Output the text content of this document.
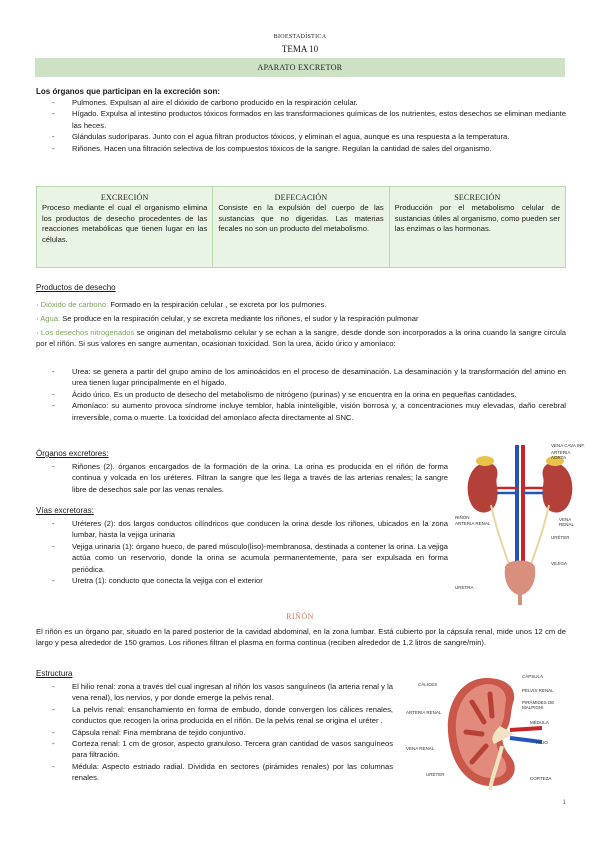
BIOESTADÍSTICA
TEMA 10
APARATO EXCRETOR
Los órganos que participan en la excreción son:
- Pulmones. Expulsan al aire el dióxido de carbono producido en la respiración celular.
- Hígado. Expulsa al intestino productos tóxicos formados en las transformaciones químicas de los nutrientes, estos desechos se eliminan mediante las heces.
- Glándulas sudoríparas. Junto con el agua filtran productos tóxicos, y eliminan el agua, aunque es una respuesta a la temperatura.
- Riñones. Hacen una filtración selectiva de los compuestos tóxicos de la sangre. Regulan la cantidad de sales del organismo.
EXCRECIÓN
Proceso mediante el cual el organismo elimina los productos de desecho procedentes de las reacciones metabólicas que tienen lugar en las células.
DEFECACIÓN
Consiste en la expulsión del cuerpo de las sustancias que no digeridas. Las materias fecales no son un producto del metabolismo.
SECRECIÓN
Producción por el metabolismo celular de sustancias útiles al organismo, como pueden ser las enzimas o las hormonas.
Productos de desecho
· Dióxido de carbono: Formado en la respiración celular , se excreta por los pulmones.
· Agua: Se produce en la respiración celular, y se excreta mediante los riñones, el sudor y la respiración pulmonar
· Los desechos nitrogenados se originan del metabolismo celular y se echan a la sangre, desde donde son incorporados a la orina cuando la sangre circula por el riñón. Si sus valores en sangre aumentan, ocasionan toxicidad. Son la urea, ácido úrico y amoníaco:
- Urea: se genera a partir del grupo amino de los aminoácidos en el proceso de desaminación. La desaminación y la transformación del amino en urea tienen lugar principalmente en el hígado.
- Ácido úrico. Es un producto de desecho del metabolismo de nitrógeno (purinas) y se encuentra en la orina en pequeñas cantidades.
- Amoníaco: su aumento provoca síndrome incluye temblor, habla ininteligible, visión borrosa y, a concentraciones muy elevadas, daño cerebral irreversible, coma o muerte. La toxicidad del amoníaco afecta directamente al SNC.
Órganos excretores:
- Riñones (2). órganos encargados de la formación de la orina. La orina es producida en el riñón de forma continua y volcada en los uréteres. Filtran la sangre que les llega a través de las arterias renales; la sangre libre de desechos sale por las venas renales.
Vías excretoras:
- Uréteres (2): dos largos conductos cilíndricos que conducen la orina desde los riñones, ubicados en la zona lumbar, hasta la vejiga urinaria
- Vejiga urinaria (1): órgano hueco, de pared músculo(liso)-membranosa, destinada a contener la orina. La vejiga actúa como un reservorio, donde la orina se acumula permanentemente, para ser expulsada en forma periódica.
- Uretra (1): conducto que conecta la vejiga con el exterior
VENA CAVA INF.
ARTERIA AORTA
RIÑÓN
ARTERIA RENAL
VENA RENAL
URÉTER
VEJIGA
URETRA
RIÑÓN
El riñón es un órgano par, situado en la pared posterior de la cavidad abdominal, en la zona lumbar. Está cubierto por la cápsula renal, mide unos 12 cm de largo y pesa alrededor de 150 gramos. Los riñones filtran el plasma en forma continua (reciben alrededor de 1,2 litros de sangre/min).
Estructura
- El hilio renal: zona a través del cual ingresan al riñón los vasos sanguíneos (la arteria renal y la vena renal), los nervios, y por donde emerge la pelvis renal.
- La pelvis renal: ensanchamiento en forma de embudo, donde convergen los cálices renales, conductos que recogen la orina producida en el riñón. De la pelvis renal se origina el uréter .
- Cápsula renal: Fina membrana de tejido conjuntivo.
- Corteza renal: 1 cm de grosor, aspecto granuloso. Tercera gran cantidad de vasos sanguíneos para filtración.
- Médula: Aspecto estriado radial. Dividida en sectores (pirámides renales) por las columnas renales.
CÁLICES
ARTERIA RENAL
VENA RENAL
URÉTER
CÁPSULA
PELVIS RENAL
PIRÁMIDES DE MALPIGHI
MÉDULA
HILIO
CORTEZA
1
